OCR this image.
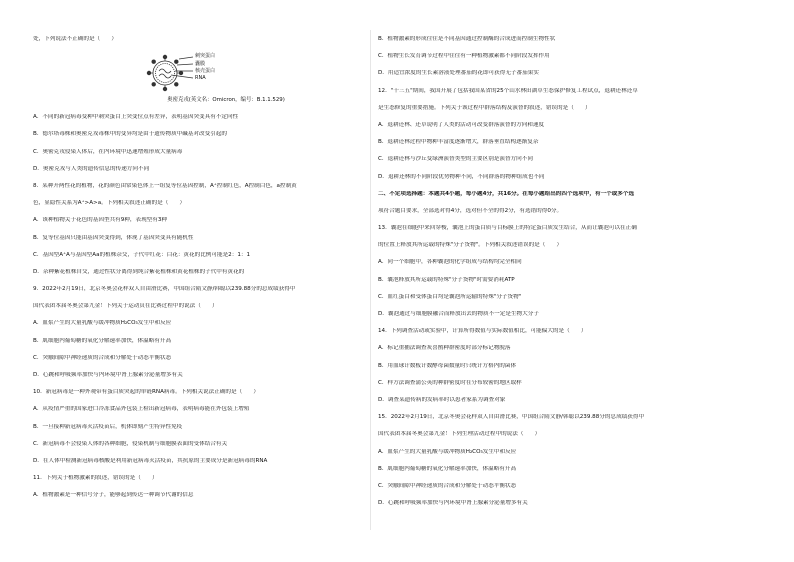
处，下列说法不正确的是（　　）
刺突蛋白
囊膜
核壳蛋白
RNA
奥密克戎(英文名：Omicron，编号：B.1.1.529)
A．不同的新冠病毒变种中刺突蛋白上突变位点有差异，表明基因突变具有不定向性
B．德尔塔毒株和奥密克戎毒株中的变异均是由于遗传物质中碱基对改变引起的
C．奥密克戎侵染人体后，在内环境中迅速增殖形成大量病毒
D．奥密克戎与人类的遗传信息的传递方向不同
8．某种开两性花的植物，花的颜色由常染色体上一组复等位基因控制，A⁺控制红色，A控制白色，a控制黄
色，显隐性关系为A⁺>A>a。下列相关叙述正确的是（　　）
A．该种植物关于花色的基因型共有9种，表现型有3种
B．复等位基因只能由基因突变得到，体现了基因突变具有随机性
C．基因型A⁺A与基因型Aa的植株杂交，子代中红花：白花：黄花的比例可能是2：1：1
D．杂种紫花植株自交，通过性状分离得到纯合紫花植株和黄花植株的子代中有黄花的
9．2022年2月19日，北京冬奥会花样双人自由滑比赛，中国组合隋文静/韩聪以239.88分的总成绩获得中
国代表团本届冬奥会第九金！下列关于运动员在比赛过程中的说法（　　）
A．血浆产生的大量乳酸与缓冲物质H₂CO₃发生中和反应
B．肌细胞内葡萄糖的氧化分解速率加快，体温略有升高
C．突触间隙中神经递质的合成和分解处于动态平衡状态
D．心跳和呼吸频率加快与内环境中肾上腺素分泌量增多有关
10．新冠病毒是一种外观带有蛋白质突起的单链RNA病毒。下列相关说法正确的是（　　）
A．从疫情严重的国家进口冷冻食品外包装上检出新冠病毒，表明病毒能在外包装上增殖
B．一旦接种新冠病毒灭活疫苗后，机体即刻产生特异性免疫
C．新冠病毒不会侵染人体的各种细胞，侵染机制与细胞膜表面的受体结合有关
D．在人体中检测新冠病毒核酸是利用新冠病毒灭活疫苗，其抗原的主要成分是新冠病毒的RNA
11．下列关于植物激素的叙述，错误的是（　　）
A．植物激素是一种信号分子，能够起到传达一种调节代谢的信息
B．植物激素的形成往往是不同基因通过控制酶的合成进而控制生物性状
C．植物生长发育调节过程中往往有一种植物激素都不同阶段发挥作用
D．用适宜浓度的生长素溶液处理番茄的花即可获得无子番茄果实
12．"十三五"期间，我国开展了包括我国某省的25个山水林田湖草生态保护修复工程试点，退耕还林还草
是生态修复的重要措施。下列关于该过程中群落结构及演替的叙述，错误的是（　　）
A．退耕还林、还草说明了人类的活动可改变群落演替的方向和速度
B．退耕还林过程中物种丰富度逐渐增大，群落垂直结构逐渐复杂
C．退耕还林与沙丘变绿洲演替类型的主要区别是演替方向不同
D．退耕还林的不同阶段优势物种不同，不同群落的物种组成也不同
二、不定项选择题：本题共4小题，每小题4分，共16分。在每小题给出的四个选项中，有一个或多个选
项符合题目要求，全部选对得4分，选对但不全的得2分，有选错的得0分。
13．囊泡在细胞中来回穿梭，囊泡上的蛋白质与目标膜上的特定蛋白质发生结合，从而让囊泡可以在正确
的位置上释放其所运载的特殊"分子货物"。下列相关叙述错误的是（　　）
A．同一个细胞中，各种囊泡的化学组成与结构均完全相同
B．囊泡释放其所运载的特殊"分子货物"时需要消耗ATP
C．血红蛋白和受体蛋白均是囊泡所运输的特殊"分子货物"
D．囊泡通过与细胞膜融合而释放出去的物质不一定是生物大分子
14．下列调查活动或实验中，计算所得数值与实际数值相比，可能偏大的是（　　）
A．标记重捕法调查灰喜鹊种群密度时部分标记物脱落
B．用血球计数板计数酵母菌数量时只统计方格内的菌体
C．样方法调查蒲公英的种群密度时在分布较密的地区取样
D．调查某遗传病的发病率时以患者家系为调查对象
15．2022年2月19日，北京冬奥会花样双人自由滑比赛，中国组合隋文静/韩聪以239.88分的总成绩获得中
国代表团本届冬奥会第九金！下列生理活动过程中的说法（　　）
A．血浆产生的大量乳酸与缓冲物质H₂CO₃发生中和反应
B．肌细胞内葡萄糖的氧化分解速率加快，体温略有升高
C．突触间隙中神经递质的合成和分解处于动态平衡状态
D．心跳和呼吸频率加快与内环境中肾上腺素分泌量增多有关
